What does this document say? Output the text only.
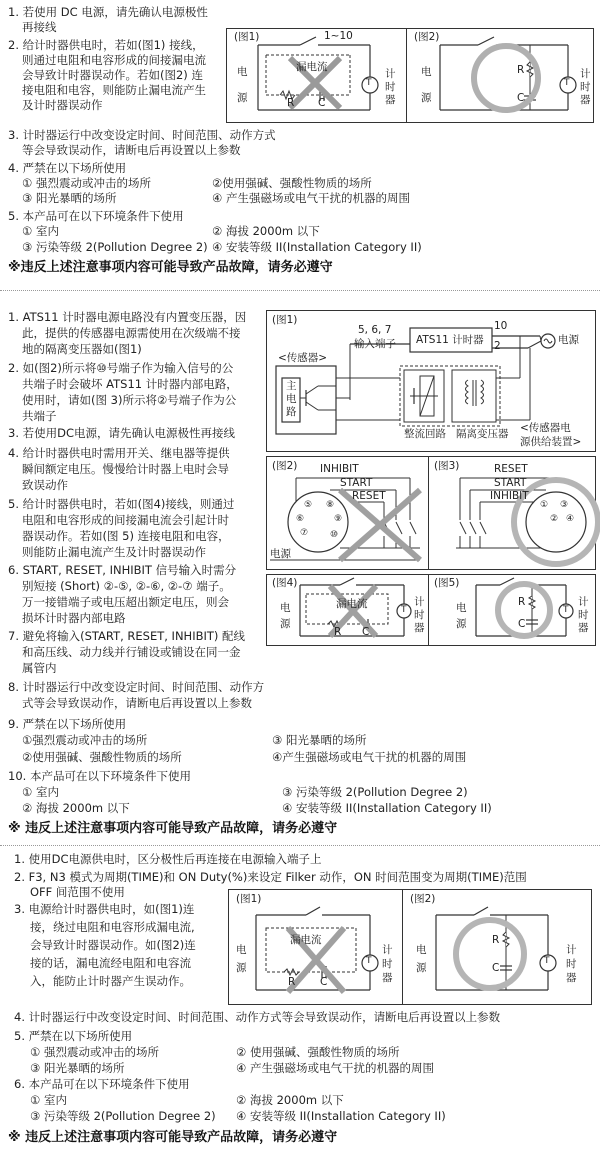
1. 若使用 DC 电源，请先确认电源极性
再接线
2. 给计时器供电时，若如(图1) 接线，
则通过电阻和电容形成的间接漏电流
会导致计时器误动作。若如(图2) 连
接电阻和电容，则能防止漏电流产生
及计时器误动作
3. 计时器运行中改变设定时间、时间范围、动作方式
等会导致误动作，请断电后再设置以上参数
4. 严禁在以下场所使用
① 强烈震动或冲击的场所	②使用强碱、强酸性物质的场所
③ 阳光暴晒的场所	④ 产生强磁场或电气干扰的机器的周围
5. 本产品可在以下环境条件下使用
① 室内	② 海拔 2000m 以下
③ 污染等级 2(Pollution Degree 2) ④ 安装等级 II(Installation Category II)
※违反上述注意事项内容可能导致产品故障，请务必遵守
(图1)	(图2)
1~10
漏电流
R C
T
电
源
计
时
器
电
源
R
C
T
计
时
器
1. ATS11 计时器电源电路没有内置变压器，因
此，提供的传感器电源需使用在次级端不接
地的隔离变压器如(图1)
2. 如(图2)所示将⑩号端子作为输入信号的公
共端子时会破坏 ATS11 计时器内部电路，
使用时，请如(图 3)所示将②号端子作为公
共端子
3. 若使用DC电源，请先确认电源极性再接线
4. 给计时器供电时需用开关、继电器等提供
瞬间额定电压。慢慢给计时器上电时会导
致误动作
5. 给计时器供电时，若如(图4)接线，则通过
电阻和电容形成的间接漏电流会引起计时
器误动作。若如(图 5) 连接电阻和电容，
则能防止漏电流产生及计时器误动作
6. START, RESET, INHIBIT 信号输入时需分
别短接 (Short) ②-⑤, ②-⑥, ②-⑦ 端子。
万一接错端子或电压超出额定电压，则会
损坏计时器内部电路
7. 避免将输入(START, RESET, INHIBIT) 配线
和高压线、动力线并行铺设或铺设在同一金
属管内
8. 计时器运行中改变设定时间、时间范围、动作方
式等会导致误动作，请断电后再设置以上参数
9. 严禁在以下场所使用
①强烈震动或冲击的场所	③ 阳光暴晒的场所
②使用强碱、强酸性物质的场所	④产生强磁场或电气干扰的机器的周围
10. 本产品可在以下环境条件下使用
① 室内	③ 污染等级 2(Pollution Degree 2)
② 海拔 2000m 以下	④ 安装等级 II(Installation Category II)
※ 违反上述注意事项内容可能导致产品故障，请务必遵守
(图1)
5, 6, 7
输入端子 ATS11 计时器
10
2	电源
<传感器>
主
电
路
整流回路 隔离变压器 <传感器电
源供给装置>
(图2) INHIBIT
START
RESET
电源
⑤
⑥
⑦
⑧
⑨
⑩
(图3)	RESET
START
INHIBIT
①
②
③
④
(图4)
电
源
漏电流
R C
T
计
时
器
(图5)
电
源
R
C
T
计
时
器
1. 使用DC电源供电时，区分极性后再连接在电源输入端子上
2. F3, N3 模式为周期(TIME)和 ON Duty(%)来设定 Filker 动作，ON 时间范围变为周期(TIME)范围
OFF 间范围不使用
3. 电源给计时器供电时，如(图1)连
接，绕过电阻和电容形成漏电流,
会导致计时器误动作。如(图2)连
接的话，漏电流经电阻和电容流
入，能防止计时器产生误动作。
4. 计时器运行中改变设定时间、时间范围、动作方式等会导致误动作，请断电后再设置以上参数
5. 严禁在以下场所使用
① 强烈震动或冲击的场所	② 使用强碱、强酸性物质的场所
③ 阳光暴晒的场所	④ 产生强磁场或电气干扰的机器的周围
6. 本产品可在以下环境条件下使用
① 室内	② 海拔 2000m 以下
③ 污染等级 2(Pollution Degree 2) ④ 安装等级 II(Installation Category II)
※ 违反上述注意事项内容可能导致产品故障，请务必遵守
(图1)	(图2)
电
源
漏电流
R C
T
计
时
器
电
源
R
C
T
计
时
器
